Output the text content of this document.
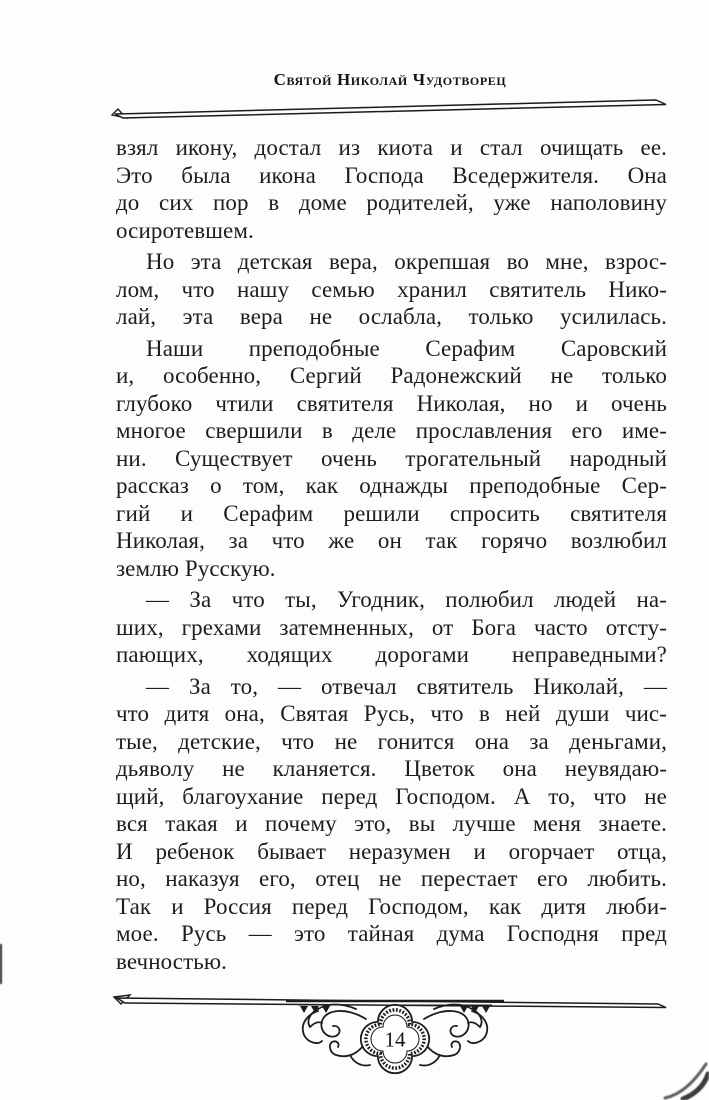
Святой Николай Чудотворец

взял икону, достал из киота и стал очищать ее.
Это была икона Господа Вседержителя. Она
до сих пор в доме родителей, уже наполовину
осиротевшем.

Но эта детская вера, окрепшая во мне, взрос-
лом, что нашу семью хранил святитель Нико-
лай, эта вера не ослабла, только усилилась.

Наши преподобные Серафим Саровский
и, особенно, Сергий Радонежский не только
глубоко чтили святителя Николая, но и очень
многое свершили в деле прославления его име-
ни. Существует очень трогательный народный
рассказ о том, как однажды преподобные Сер-
гий и Серафим решили спросить святителя
Николая, за что же он так горячо возлюбил
землю Русскую.

— За что ты, Угодник, полюбил людей на-
ших, грехами затемненных, от Бога часто отсту-
пающих, ходящих дорогами неправедными?

— За то, — отвечал святитель Николай, —
что дитя она, Святая Русь, что в ней души чис-
тые, детские, что не гонится она за деньгами,
дьяволу не кланяется. Цветок она неувядаю-
щий, благоухание перед Господом. А то, что не
вся такая и почему это, вы лучше меня знаете.
И ребенок бывает неразумен и огорчает отца,
но, наказуя его, отец не перестает его любить.
Так и Россия перед Господом, как дитя люби-
мое. Русь — это тайная дума Господня пред
вечностью.

14
